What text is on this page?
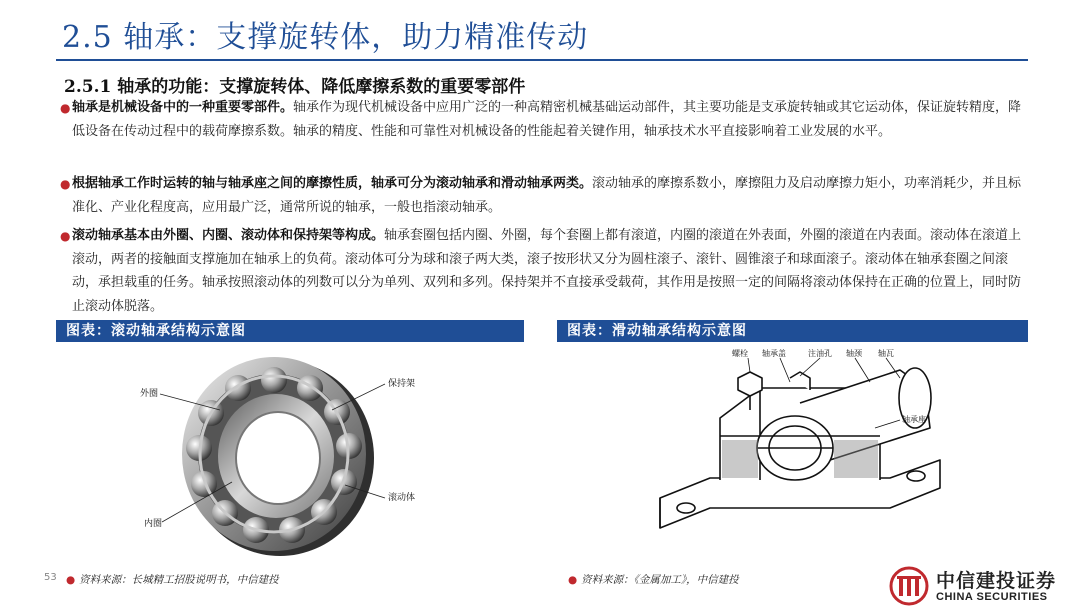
2.5 轴承：支撑旋转体，助力精准传动
2.5.1 轴承的功能：支撑旋转体、降低摩擦系数的重要零部件
● 轴承是机械设备中的一种重要零部件。轴承作为现代机械设备中应用广泛的一种高精密机械基础运动部件，其主要功能是支承旋转轴或其它运动体，保证旋转精度，降低设备在传动过程中的载荷摩擦系数。轴承的精度、性能和可靠性对机械设备的性能起着关键作用，轴承技术水平直接影响着工业发展的水平。
● 根据轴承工作时运转的轴与轴承座之间的摩擦性质，轴承可分为滚动轴承和滑动轴承两类。滚动轴承的摩擦系数小，摩擦阻力及启动摩擦力矩小，功率消耗少，并且标准化、产业化程度高，应用最广泛，通常所说的轴承，一般也指滚动轴承。
● 滚动轴承基本由外圈、内圈、滚动体和保持架等构成。轴承套圈包括内圈、外圈，每个套圈上都有滚道，内圈的滚道在外表面，外圈的滚道在内表面。滚动体在滚道上滚动，两者的接触面支撑施加在轴承上的负荷。滚动体可分为球和滚子两大类，滚子按形状又分为圆柱滚子、滚针、圆锥滚子和球面滚子。滚动体在轴承套圈之间滚动，承担载重的任务。轴承按照滚动体的列数可以分为单列、双列和多列。保持架并不直接承受载荷，其作用是按照一定的间隔将滚动体保持在正确的位置上，同时防止滚动体脱落。
图表：滚动轴承结构示意图	图表：滑动轴承结构示意图
外圈
保持架
滚动体
内圈
螺栓 轴承盖	注油孔 轴颈 轴瓦
轴承座
53 ● 资料来源：长城精工招股说明书，中信建投	● 资料来源：《金属加工》，中信建投	中信建投证券
CHINA SECURITIES
